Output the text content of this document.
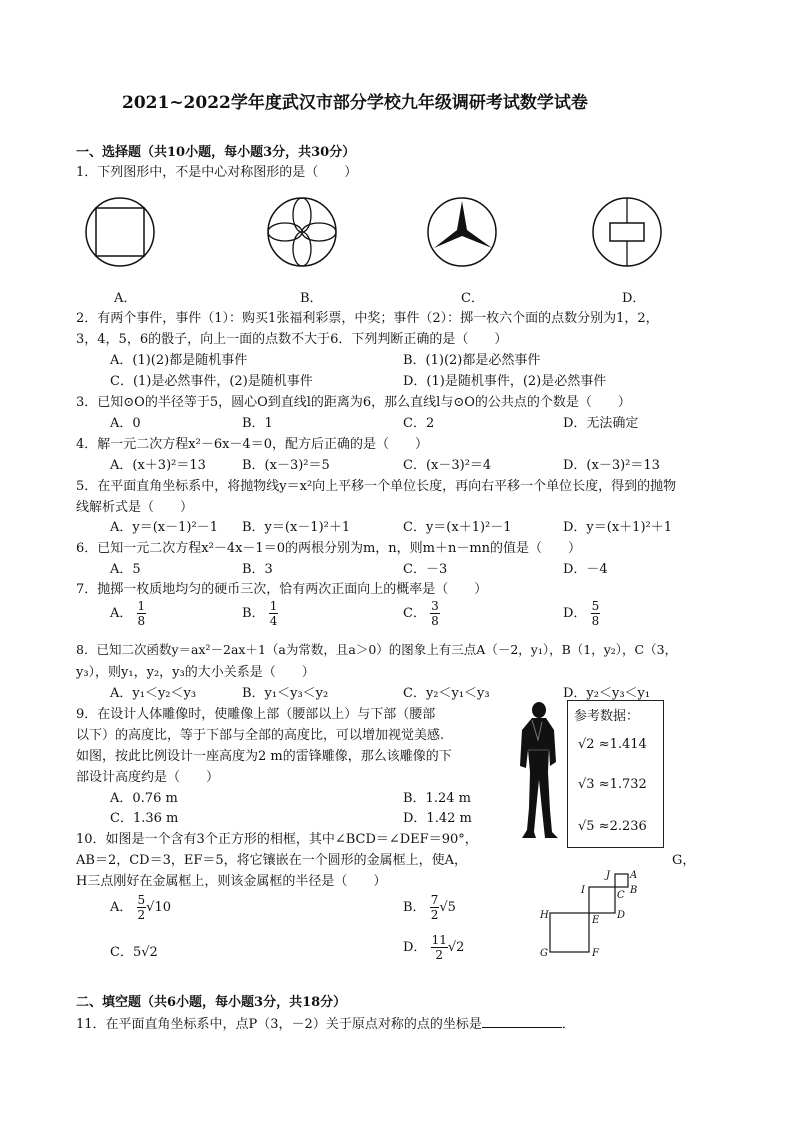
2021~2022学年度武汉市部分学校九年级调研考试数学试卷
一、选择题（共10小题，每小题3分，共30分）
1．下列图形中，不是中心对称图形的是（　　）
A．	B．	C．	D．
2．有两个事件，事件（1）：购买1张福利彩票，中奖；事件（2）：掷一枚六个面的点数分别为1，2，
3，4，5，6的骰子，向上一面的点数不大于6．下列判断正确的是（　　）
A．(1)(2)都是随机事件	B．(1)(2)都是必然事件
C．(1)是必然事件，(2)是随机事件	D．(1)是随机事件，(2)是必然事件
3．已知⊙O的半径等于5，圆心O到直线l的距离为6，那么直线l与⊙O的公共点的个数是（　　）
A．0	B．1	C．2	D．无法确定
4．解一元二次方程x²－6x－4＝0，配方后正确的是（　　）
A．(x＋3)²＝13	B．(x－3)²＝5	C．(x－3)²＝4	D．(x－3)²＝13
5．在平面直角坐标系中，将抛物线y＝x²向上平移一个单位长度，再向右平移一个单位长度，得到的抛物
线解析式是（　　）
A．y＝(x－1)²－1 B．y＝(x－1)²＋1	C．y＝(x＋1)²－1	D．y＝(x＋1)²＋1
6．已知一元二次方程x²－4x－1＝0的两根分别为m，n，则m＋n－mn的值是（　　）
A．5	B．3	C．－3	D．－4
7．抛掷一枚质地均匀的硬币三次，恰有两次正面向上的概率是（　　）
A． $\frac{1}{8}$	B． $\frac{1}{4}$	C． $\frac{3}{8}$	D． $\frac{5}{8}$
8．已知二次函数y＝ax²－2ax＋1（a为常数，且a＞0）的图象上有三点A（－2，y₁），B（1，y₂），C（3，
y₃），则y₁，y₂，y₃的大小关系是（　　）
A．y₁＜y₂＜y₃	B．y₁＜y₃＜y₂	C．y₂＜y₁＜y₃	D．y₂＜y₃＜y₁
9．在设计人体雕像时，使雕像上部（腰部以上）与下部（腰部
以下）的高度比，等于下部与全部的高度比，可以增加视觉美感.
如图，按此比例设计一座高度为2 m的雷锋雕像，那么该雕像的下
部设计高度约是（　　）
A．0.76 m	B．1.24 m
C．1.36 m	D．1.42 m
参考数据：
√2 ≈1.414
√3 ≈1.732
√5 ≈2.236
10．如图是一个含有3个正方形的相框，其中∠BCD＝∠DEF＝90°，
AB＝2，CD＝3，EF＝5，将它镶嵌在一个圆形的金属框上，使A，	G，
H三点刚好在金属框上，则该金属框的半径是（　　）
A． $\frac{5}{2} √10$	B． $\frac{7}{2} √5$
C．5√2	D． $\frac{11}{2} √2$
J A
I	C B
H	E D
G	F
二、填空题（共6小题，每小题3分，共18分）
11．在平面直角坐标系中，点P（3，－2）关于原点对称的点的坐标是	．
